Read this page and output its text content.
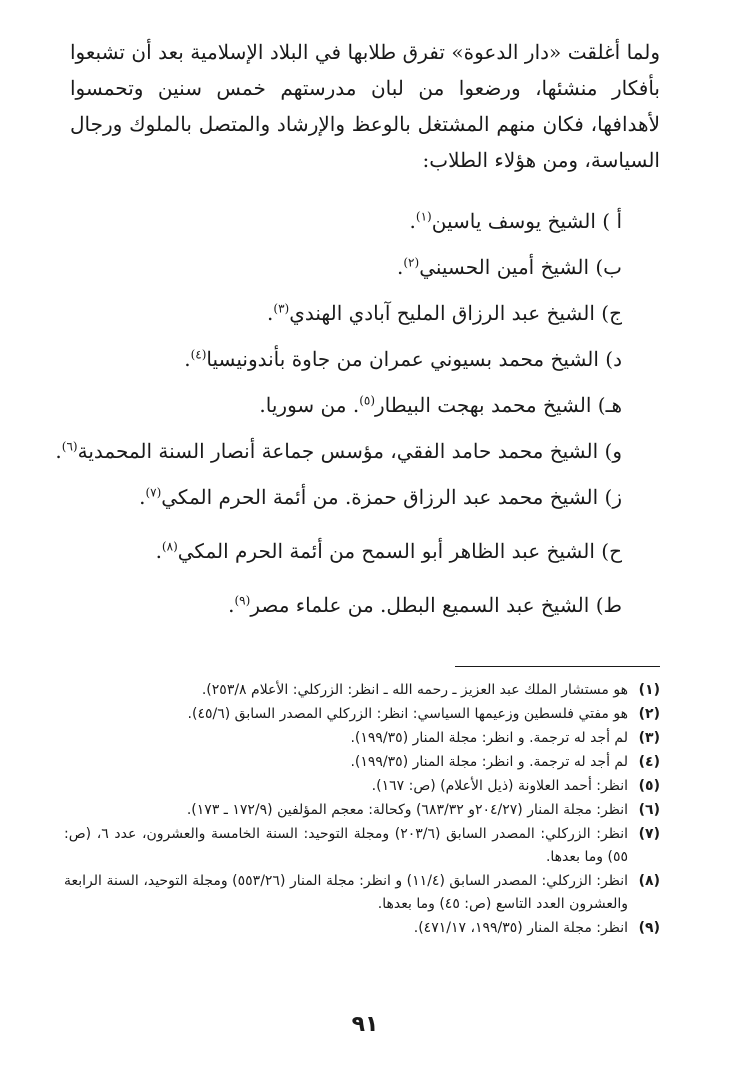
ولما أغلقت «دار الدعوة» تفرق طلابها في البلاد الإسلامية بعد أن تشبعوا بأفكار منشئها، ورضعوا من لبان مدرستهم خمس سنين وتحمسوا لأهدافها، فكان منهم المشتغل بالوعظ والإرشاد والمتصل بالملوك ورجال السياسة، ومن هؤلاء الطلاب:

أ ) الشيخ يوسف ياسين$^{(١)}$.
ب) الشيخ أمين الحسيني$^{(٢)}$.
ج) الشيخ عبد الرزاق المليح آبادي الهندي$^{(٣)}$.
د) الشيخ محمد بسيوني عمران من جاوة بأندونيسيا$^{(٤)}$.
هـ) الشيخ محمد بهجت البيطار$^{(٥)}$. من سوريا.
و) الشيخ محمد حامد الفقي، مؤسس جماعة أنصار السنة المحمدية$^{(٦)}$.
ز) الشيخ محمد عبد الرزاق حمزة. من أئمة الحرم المكي$^{(٧)}$.
ح) الشيخ عبد الظاهر أبو السمح من أئمة الحرم المكي$^{(٨)}$.
ط) الشيخ عبد السميع البطل. من علماء مصر$^{(٩)}$.
(١)
هو مستشار الملك عبد العزيز ـ رحمه الله ـ انظر: الزركلي: الأعلام ٢٥٣/٨).
(٢)
هو مفتي فلسطين وزعيمها السياسي: انظر: الزركلي المصدر السابق (٤٥/٦).
(٣)
لم أجد له ترجمة. و انظر: مجلة المنار (١٩٩/٣٥).
(٤)
لم أجد له ترجمة. و انظر: مجلة المنار (١٩٩/٣٥).
(٥)
انظر: أحمد العلاونة (ذيل الأعلام) (ص: ١٦٧).
(٦)
انظر: مجلة المنار (٢٠٤/٢٧و ٦٨٣/٣٢) وكحالة: معجم المؤلفين (١٧٢/٩ ـ ١٧٣).
(٧)
انظر: الزركلي: المصدر السابق (٢٠٣/٦) ومجلة التوحيد: السنة الخامسة والعشرون، عدد ٦، (ص: ٥٥) وما بعدها.
(٨)
انظر: الزركلي: المصدر السابق (١١/٤) و انظر: مجلة المنار (٥٥٣/٢٦) ومجلة التوحيد، السنة الرابعة والعشرون العدد التاسع (ص: ٤٥) وما بعدها.
(٩)
انظر: مجلة المنار (١٩٩/٣٥، ٤٧١/١٧).
٩١
